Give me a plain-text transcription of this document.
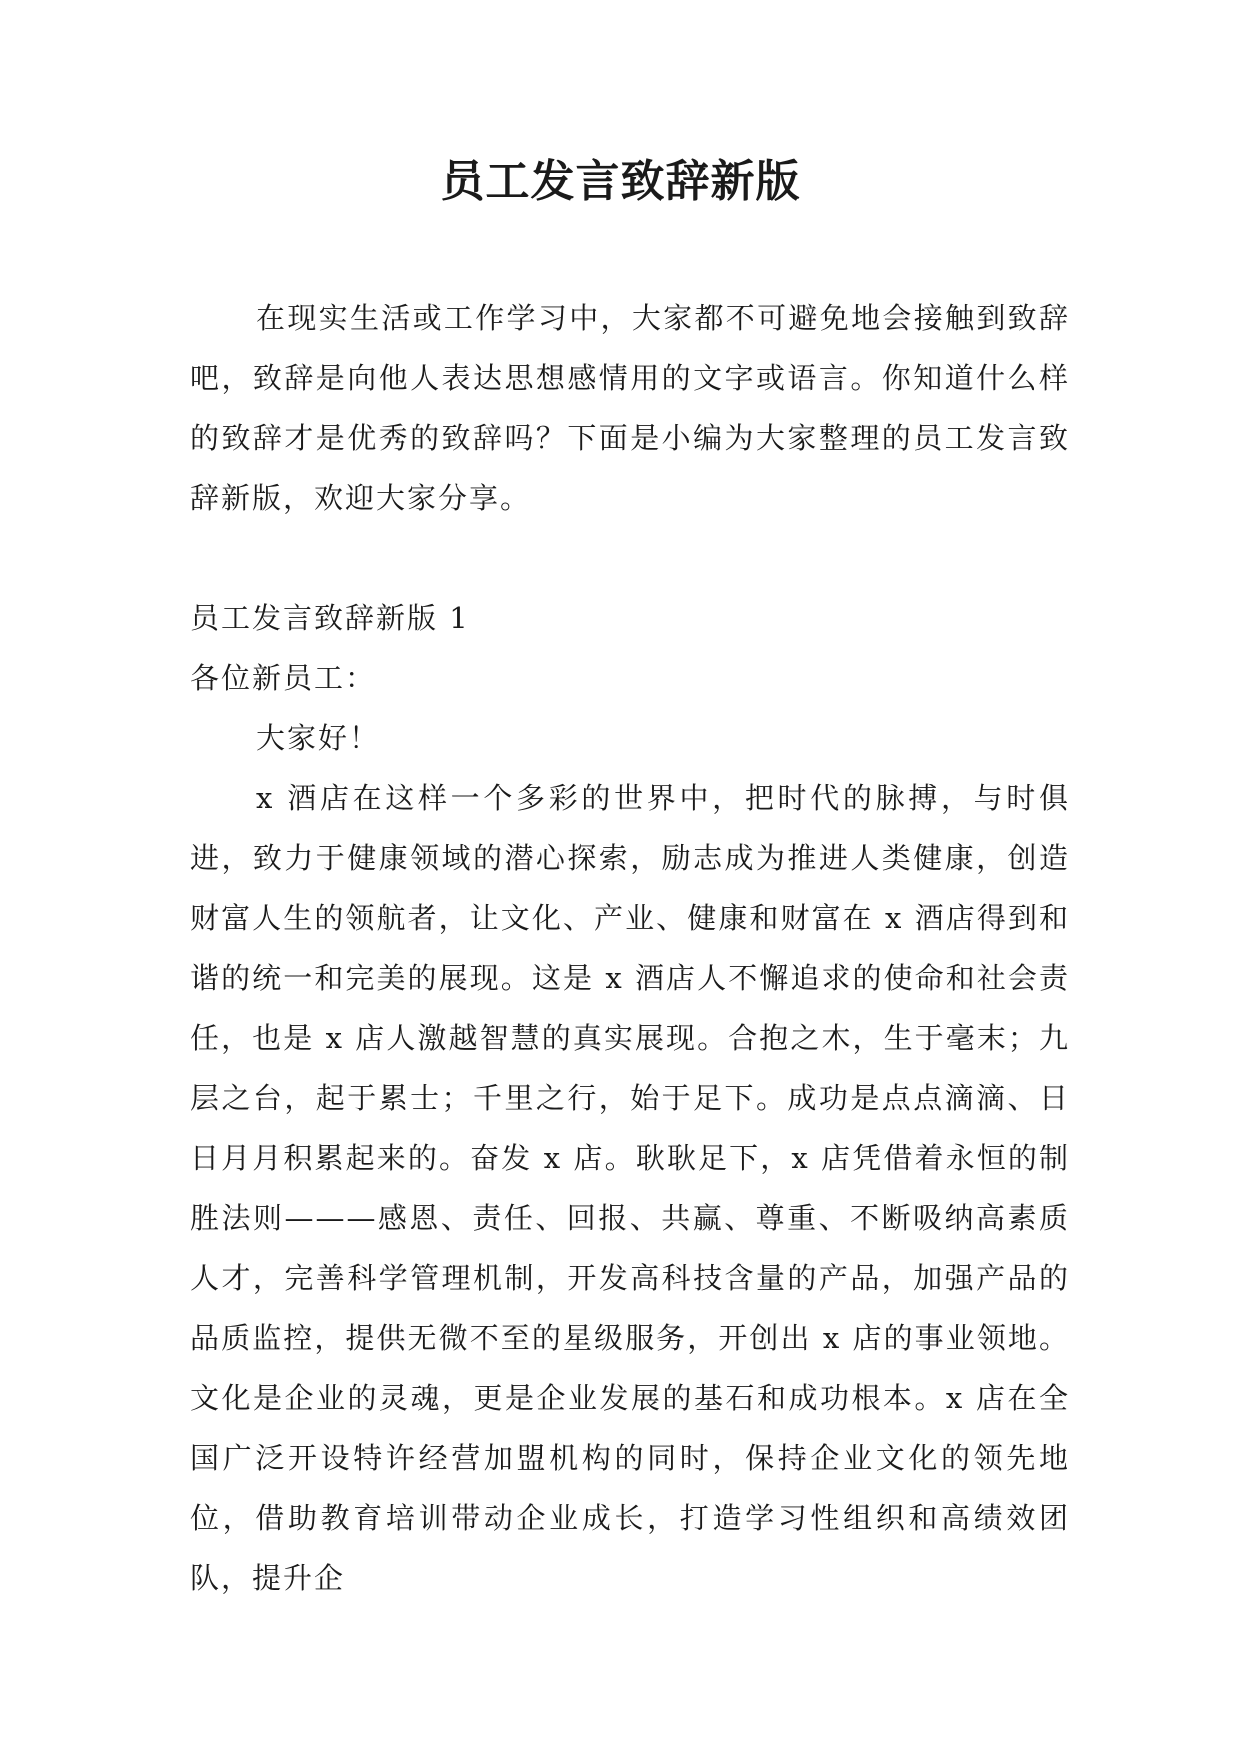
员工发言致辞新版

在现实生活或工作学习中，大家都不可避免地会接触到致辞吧，致辞是向他人表达思想感情用的文字或语言。你知道什么样的致辞才是优秀的致辞吗？下面是小编为大家整理的员工发言致辞新版，欢迎大家分享。

员工发言致辞新版 1

各位新员工：

大家好！

x 酒店在这样一个多彩的世界中，把时代的脉搏，与时俱进，致力于健康领域的潜心探索，励志成为推进人类健康，创造财富人生的领航者，让文化、产业、健康和财富在 x 酒店得到和谐的统一和完美的展现。这是 x 酒店人不懈追求的使命和社会责任，也是 x 店人激越智慧的真实展现。合抱之木，生于毫末；九层之台，起于累士；千里之行，始于足下。成功是点点滴滴、日日月月积累起来的。奋发 x 店。耿耿足下，x 店凭借着永恒的制胜法则———感恩、责任、回报、共赢、尊重、不断吸纳高素质人才，完善科学管理机制，开发高科技含量的产品，加强产品的品质监控，提供无微不至的星级服务，开创出 x 店的事业领地。文化是企业的灵魂，更是企业发展的基石和成功根本。x 店在全国广泛开设特许经营加盟机构的同时，保持企业文化的领先地位，借助教育培训带动企业成长，打造学习性组织和高绩效团队，提升企
